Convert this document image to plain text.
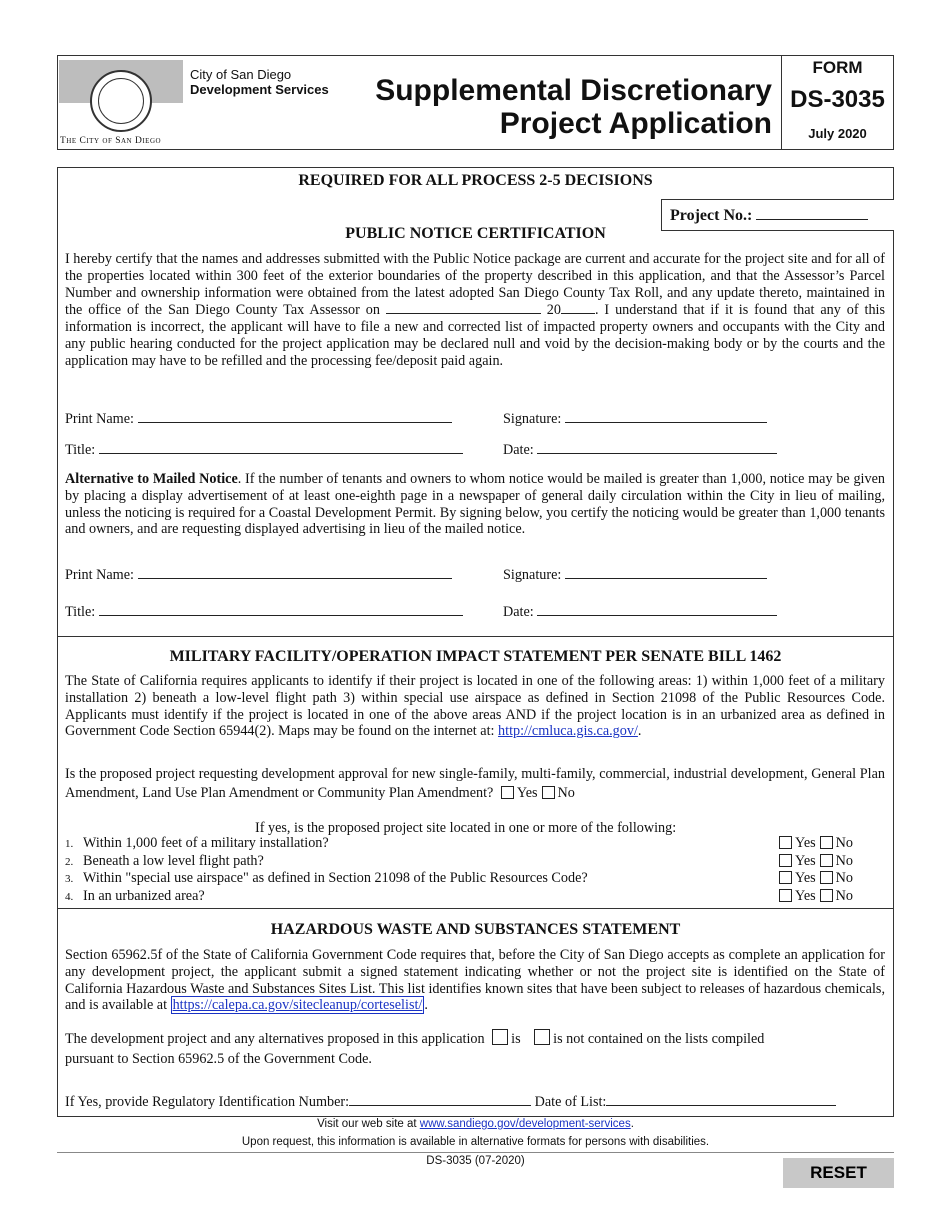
The City of San Diego
City of San Diego
Development Services Supplemental Discretionary
Project Application
FORM
DS-3035
July 2020
REQUIRED FOR ALL PROCESS 2-5 DECISIONS
Project No.:
PUBLIC NOTICE CERTIFICATION
I hereby certify that the names and addresses submitted with the Public Notice package are current and accurate for the project site and for all of the properties located within 300 feet of the exterior boundaries of the property described in this application, and that the Assessor’s Parcel Number and ownership information were obtained from the latest adopted San Diego County Tax Roll, and any update thereto, maintained in the office of the San Diego County Tax Assessor on	20 . I understand that if it is found that any of this information is incorrect, the applicant will have to file a new and corrected list of impacted property owners and occupants with the City and any public hearing conducted for the project application may be declared null and void by the decision-making body or by the courts and the application may have to be refilled and the processing fee/deposit paid again.
Print Name:	Signature:
Title:	Date:
Alternative to Mailed Notice. If the number of tenants and owners to whom notice would be mailed is greater than 1,000, notice may be given by placing a display advertisement of at least one-eighth page in a newspaper of general daily circulation within the City in lieu of mailing, unless the noticing is required for a Coastal Development Permit. By signing below, you certify the noticing would be greater than 1,000 tenants and owners, and are requesting displayed advertising in lieu of the mailed notice.
Print Name:	Signature:
Title:	Date:
MILITARY FACILITY/OPERATION IMPACT STATEMENT PER SENATE BILL 1462
The State of California requires applicants to identify if their project is located in one of the following areas: 1) within 1,000 feet of a military installation 2) beneath a low-level flight path 3) within special use airspace as defined in Section 21098 of the Public Resources Code. Applicants must identify if the project is located in one of the above areas AND if the project location is in an urbanized area as defined in Government Code Section 65944(2). Maps may be found on the internet at: http://cmluca.gis.ca.gov/.
Is the proposed project requesting development approval for new single-family, multi-family, commercial, industrial development, General Plan Amendment, Land Use Plan Amendment or Community Plan Amendment? Yes No
If yes, is the proposed project site located in one or more of the following:
1. Within 1,000 feet of a military installation?	Yes No
2. Beneath a low level flight path?	Yes No
3. Within "special use airspace" as defined in Section 21098 of the Public Resources Code?	Yes No
4. In an urbanized area?	Yes No
HAZARDOUS WASTE AND SUBSTANCES STATEMENT
Section 65962.5f of the State of California Government Code requires that, before the City of San Diego accepts as complete an application for any development project, the applicant submit a signed statement indicating whether or not the project site is identified on the State of California Hazardous Waste and Substances Sites List. This list identifies known sites that have been subject to releases of hazardous chemicals, and is available at https://calepa.ca.gov/sitecleanup/corteselist/ .
The development project and any alternatives proposed in this application is is not contained on the lists compiled
pursuant to Section 65962.5 of the Government Code.
If Yes, provide Regulatory Identification Number:	Date of List:
Visit our web site at www.sandiego.gov/development-services.
Upon request, this information is available in alternative formats for persons with disabilities.
DS-3035 (07-2020)
RESET
